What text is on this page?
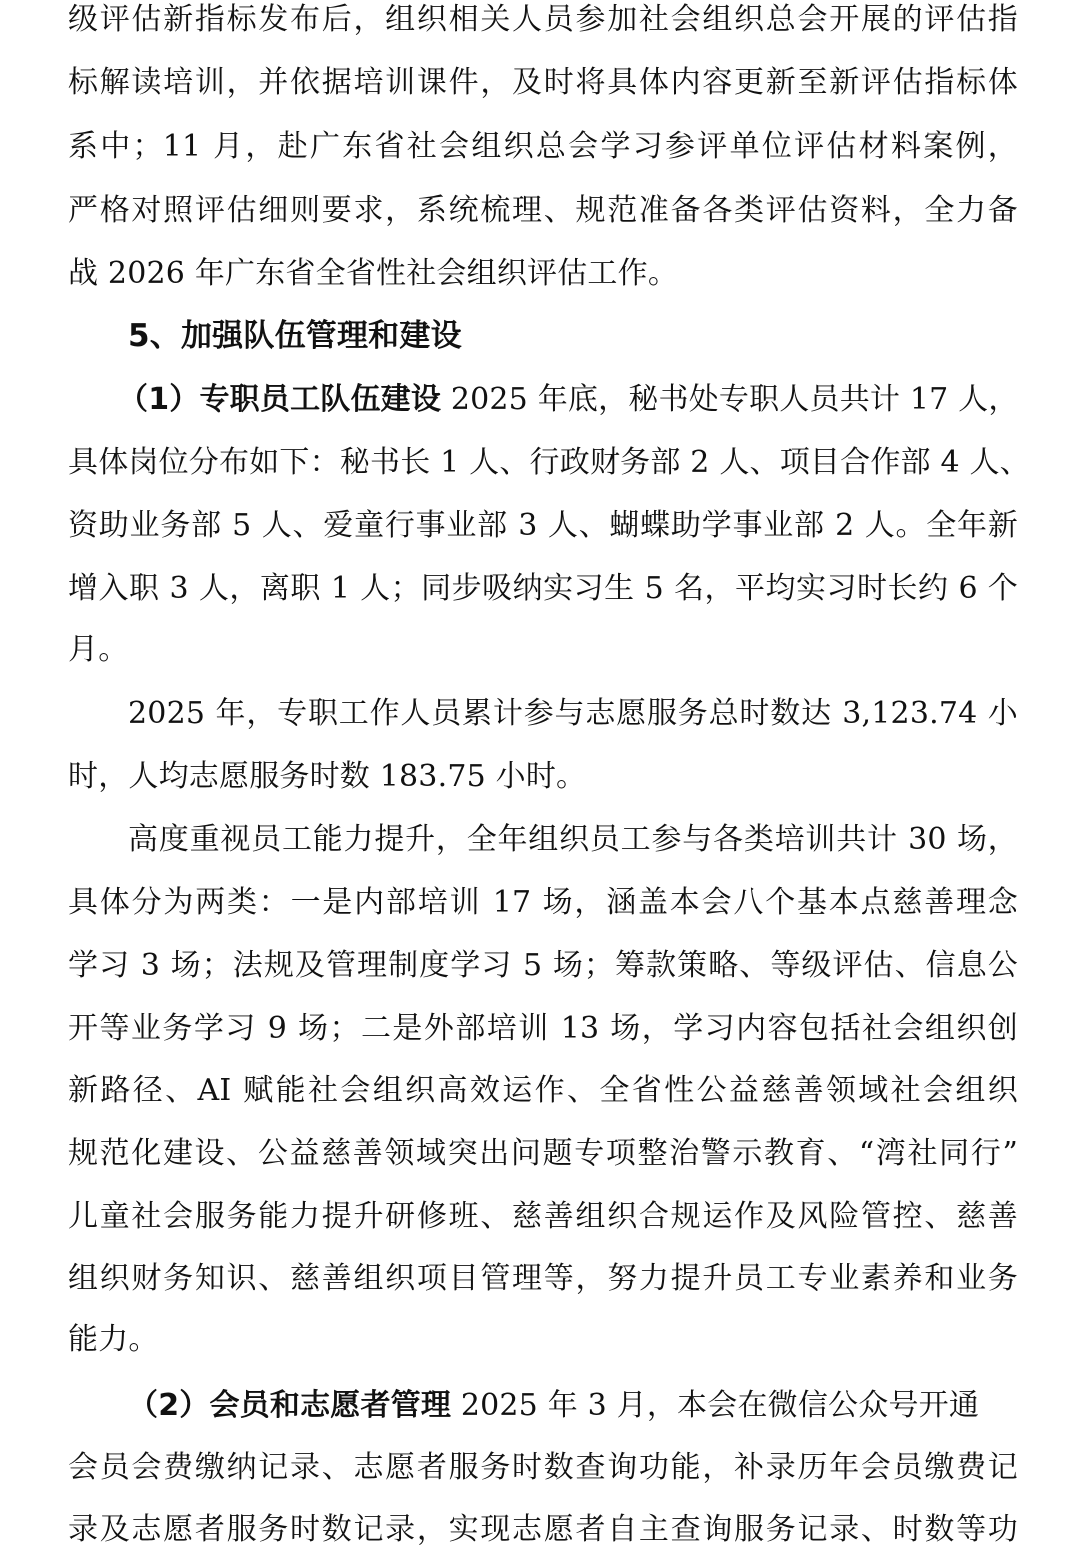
级评估新指标发布后，组织相关人员参加社会组织总会开展的评估指
标解读培训，并依据培训课件，及时将具体内容更新至新评估指标体
系中；11 月，赴广东省社会组织总会学习参评单位评估材料案例，
严格对照评估细则要求，系统梳理、规范准备各类评估资料，全力备
战 2026 年广东省全省性社会组织评估工作。
5、加强队伍管理和建设
（1）专职员工队伍建设 2025 年底，秘书处专职人员共计 17 人，
具体岗位分布如下：秘书长 1 人、行政财务部 2 人、项目合作部 4 人、
资助业务部 5 人、爱童行事业部 3 人、蝴蝶助学事业部 2 人。全年新
增入职 3 人，离职 1 人；同步吸纳实习生 5 名，平均实习时长约 6 个
月。
2025 年，专职工作人员累计参与志愿服务总时数达 3,123.74 小
时，人均志愿服务时数 183.75 小时。
高度重视员工能力提升，全年组织员工参与各类培训共计 30 场，
具体分为两类：一是内部培训 17 场，涵盖本会八个基本点慈善理念
学习 3 场；法规及管理制度学习 5 场；筹款策略、等级评估、信息公
开等业务学习 9 场；二是外部培训 13 场，学习内容包括社会组织创
新路径、AI 赋能社会组织高效运作、全省性公益慈善领域社会组织
规范化建设、公益慈善领域突出问题专项整治警示教育、“湾社同行”
儿童社会服务能力提升研修班、慈善组织合规运作及风险管控、慈善
组织财务知识、慈善组织项目管理等，努力提升员工专业素养和业务
能力。
（2）会员和志愿者管理 2025 年 3 月，本会在微信公众号开通
会员会费缴纳记录、志愿者服务时数查询功能，补录历年会员缴费记
录及志愿者服务时数记录，实现志愿者自主查询服务记录、时数等功
